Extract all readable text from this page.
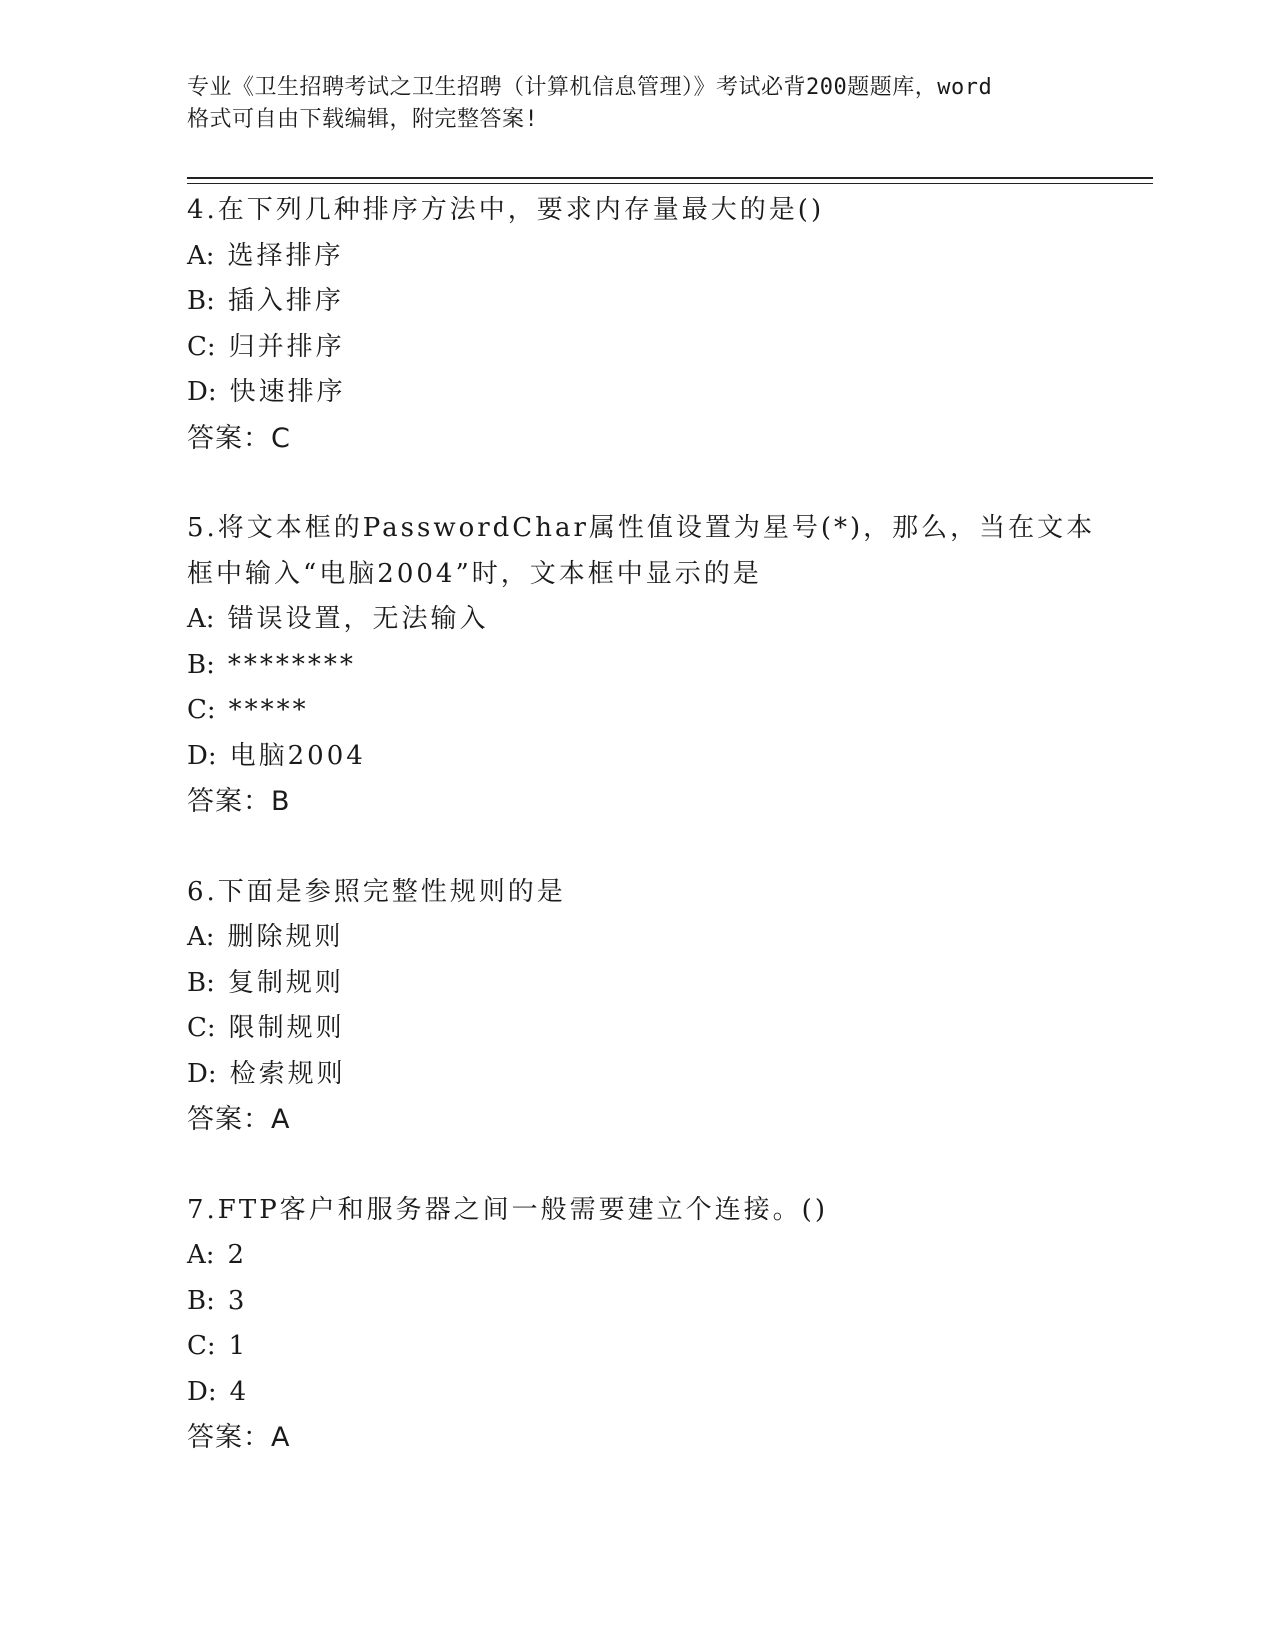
专业《卫生招聘考试之卫生招聘（计算机信息管理）》考试必背200题题库，word
格式可自由下载编辑，附完整答案!
4.在下列几种排序方法中，要求内存量最大的是()
A: 选择排序
B: 插入排序
C: 归并排序
D: 快速排序
答案：C
5.将文本框的PasswordChar属性值设置为星号(*)，那么，当在文本
框中输入“电脑2004”时，文本框中显示的是
A: 错误设置，无法输入
B: ********
C: *****
D: 电脑2004
答案：B
6.下面是参照完整性规则的是
A: 删除规则
B: 复制规则
C: 限制规则
D: 检索规则
答案：A
7.FTP客户和服务器之间一般需要建立个连接。()
A: 2
B: 3
C: 1
D: 4
答案：A
